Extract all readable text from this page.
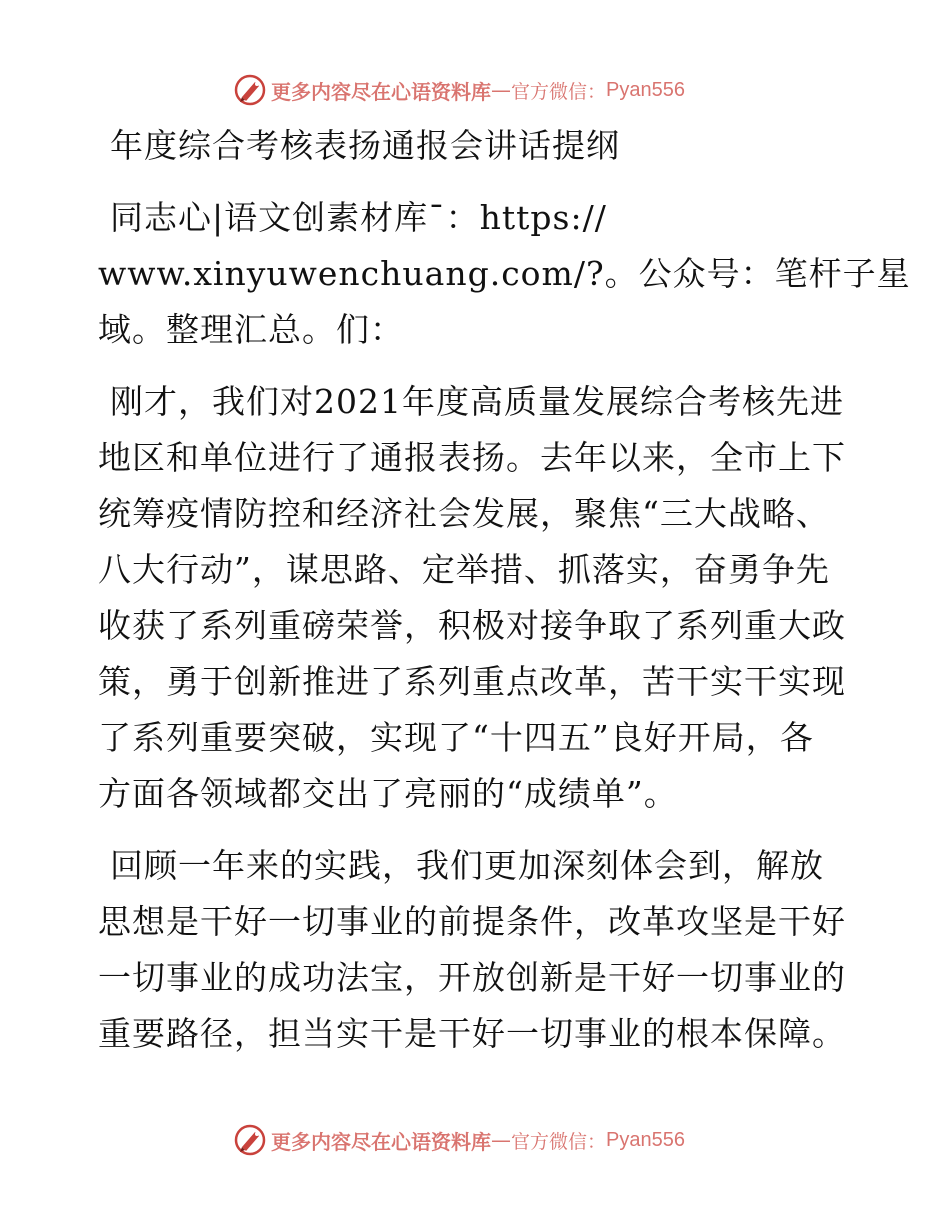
更多内容尽在心语资料库 — 官方微信： Pyan556
年度综合考核表扬通报会讲话提纲
同志心|语文创素材库¯：https://
www.xinyuwenchuang.com/?。公众号：笔杆子星
域。整理汇总。们：
刚才，我们对2021年度高质量发展综合考核先进
地区和单位进行了通报表扬。去年以来，全市上下
统筹疫情防控和经济社会发展，聚焦“三大战略、
八大行动”，谋思路、定举措、抓落实，奋勇争先
收获了系列重磅荣誉，积极对接争取了系列重大政
策，勇于创新推进了系列重点改革，苦干实干实现
了系列重要突破，实现了“十四五”良好开局，各
方面各领域都交出了亮丽的“成绩单”。
回顾一年来的实践，我们更加深刻体会到，解放
思想是干好一切事业的前提条件，改革攻坚是干好
一切事业的成功法宝，开放创新是干好一切事业的
重要路径，担当实干是干好一切事业的根本保障。
更多内容尽在心语资料库 — 官方微信： Pyan556
